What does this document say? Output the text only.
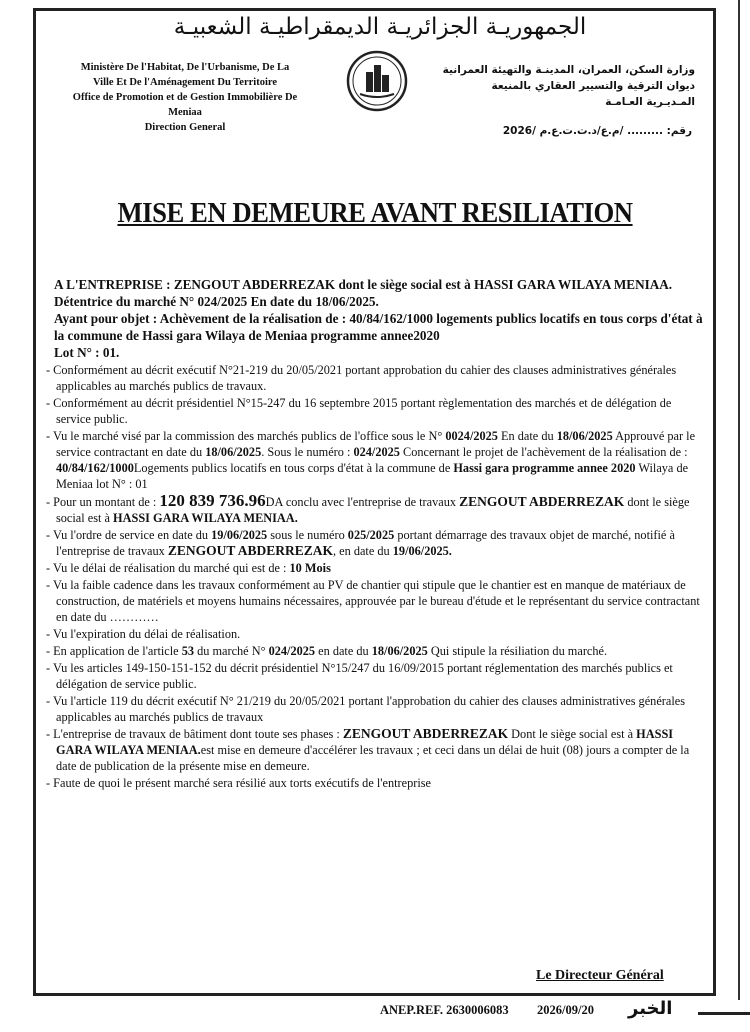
الجمهوريـة الجزائريـة الديمقراطيـة الشعبيـة
Ministère De l'Habitat, De l'Urbanisme, De La
Ville Et De l'Aménagement Du Territoire
Office de Promotion et de Gestion Immobilière De
Meniaa
Direction General
وزارة السكن، العمران، المدينـة والتهيئة العمرانية
ديوان الترقية والتسيير العقاري بالمنيعة
المـديـرية العـامـة
رقم: ......... /م.ع/د.ت.ت.ع.م /2026
MISE EN DEMEURE AVANT RESILIATION
A L'ENTREPRISE : ZENGOUT ABDERREZAK dont le siège social est à HASSI GARA WILAYA MENIAA.
Détentrice du marché N° 024/2025 En date du 18/06/2025.
Ayant pour objet : Achèvement de la réalisation de : 40/84/162/1000 logements publics locatifs en tous corps d'état à la commune de Hassi gara Wilaya de Meniaa programme annee2020
Lot N° : 01.

- Conformément au décrit exécutif N°21-219 du 20/05/2021 portant approbation du cahier des clauses administratives générales applicables au marchés publics de travaux.

- Conformément au décrit présidentiel N°15-247 du 16 septembre 2015 portant règlementation des marchés et de délégation de service public.

- Vu le marché visé par la commission des marchés publics de l'office sous le N° 0024/2025 En date du 18/06/2025 Approuvé par le service contractant en date du 18/06/2025. Sous le numéro : 024/2025 Concernant le projet de l'achèvement de la réalisation de : 40/84/162/1000Logements publics locatifs en tous corps d'état à la commune de Hassi gara programme annee 2020 Wilaya de Meniaa lot N° : 01

- Pour un montant de : 120 839 736.96DA conclu avec l'entreprise de travaux ZENGOUT ABDERREZAK dont le siège social est à HASSI GARA WILAYA MENIAA.

- Vu l'ordre de service en date du 19/06/2025 sous le numéro 025/2025 portant démarrage des travaux objet de marché, notifié à l'entreprise de travaux ZENGOUT ABDERREZAK, en date du 19/06/2025.

- Vu le délai de réalisation du marché qui est de : 10 Mois

- Vu la faible cadence dans les travaux conformément au PV de chantier qui stipule que le chantier est en manque de matériaux de construction, de matériels et moyens humains nécessaires, approuvée par le bureau d'étude et le représentant du service contractant en date du …………

- Vu l'expiration du délai de réalisation.

- En application de l'article 53 du marché N° 024/2025 en date du 18/06/2025 Qui stipule la résiliation du marché.

- Vu les articles 149-150-151-152 du décrit présidentiel N°15/247 du 16/09/2015 portant réglementation des marchés publics et délégation de service public.

- Vu l'article 119 du décrit exécutif N° 21/219 du 20/05/2021 portant l'approbation du cahier des clauses administratives générales applicables au marchés publics de travaux

- L'entreprise de travaux de bâtiment dont toute ses phases : ZENGOUT ABDERREZAK Dont le siège social est à HASSI GARA WILAYA MENIAA.est mise en demeure d'accélérer les travaux ; et ceci dans un délai de huit (08) jours a compter de la date de publication de la présente mise en demeure.

- Faute de quoi le présent marché sera résilié aux torts exécutifs de l'entreprise

Le Directeur Général
ANEP.REF. 2630006083 2026/09/20 الخبر
